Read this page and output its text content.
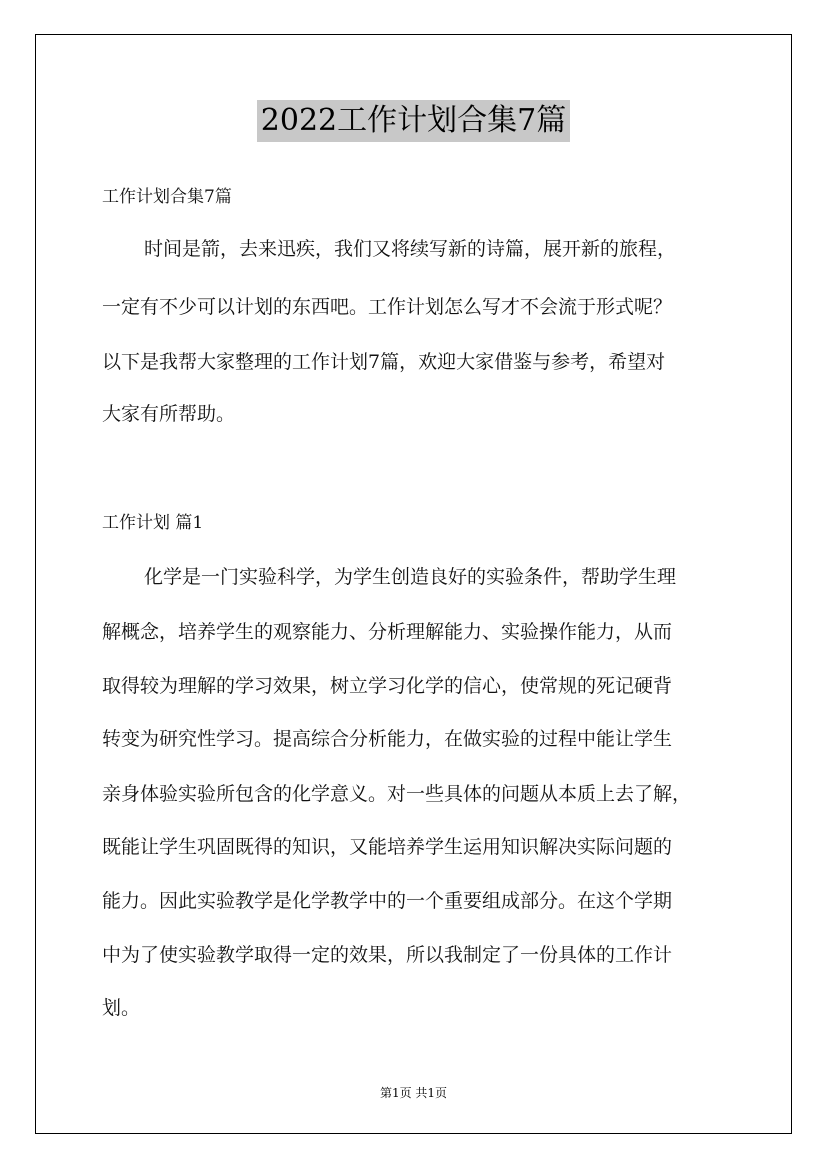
2022工作计划合集7篇
工作计划合集7篇
时间是箭，去来迅疾，我们又将续写新的诗篇，展开新的旅程，
一定有不少可以计划的东西吧。工作计划怎么写才不会流于形式呢？
以下是我帮大家整理的工作计划7篇，欢迎大家借鉴与参考，希望对
大家有所帮助。
工作计划 篇1
化学是一门实验科学，为学生创造良好的实验条件，帮助学生理
解概念，培养学生的观察能力、分析理解能力、实验操作能力，从而
取得较为理解的学习效果，树立学习化学的信心，使常规的死记硬背
转变为研究性学习。提高综合分析能力，在做实验的过程中能让学生
亲身体验实验所包含的化学意义。对一些具体的问题从本质上去了解，
既能让学生巩固既得的知识，又能培养学生运用知识解决实际问题的
能力。因此实验教学是化学教学中的一个重要组成部分。在这个学期
中为了使实验教学取得一定的效果，所以我制定了一份具体的工作计
划。
第1页 共1页
